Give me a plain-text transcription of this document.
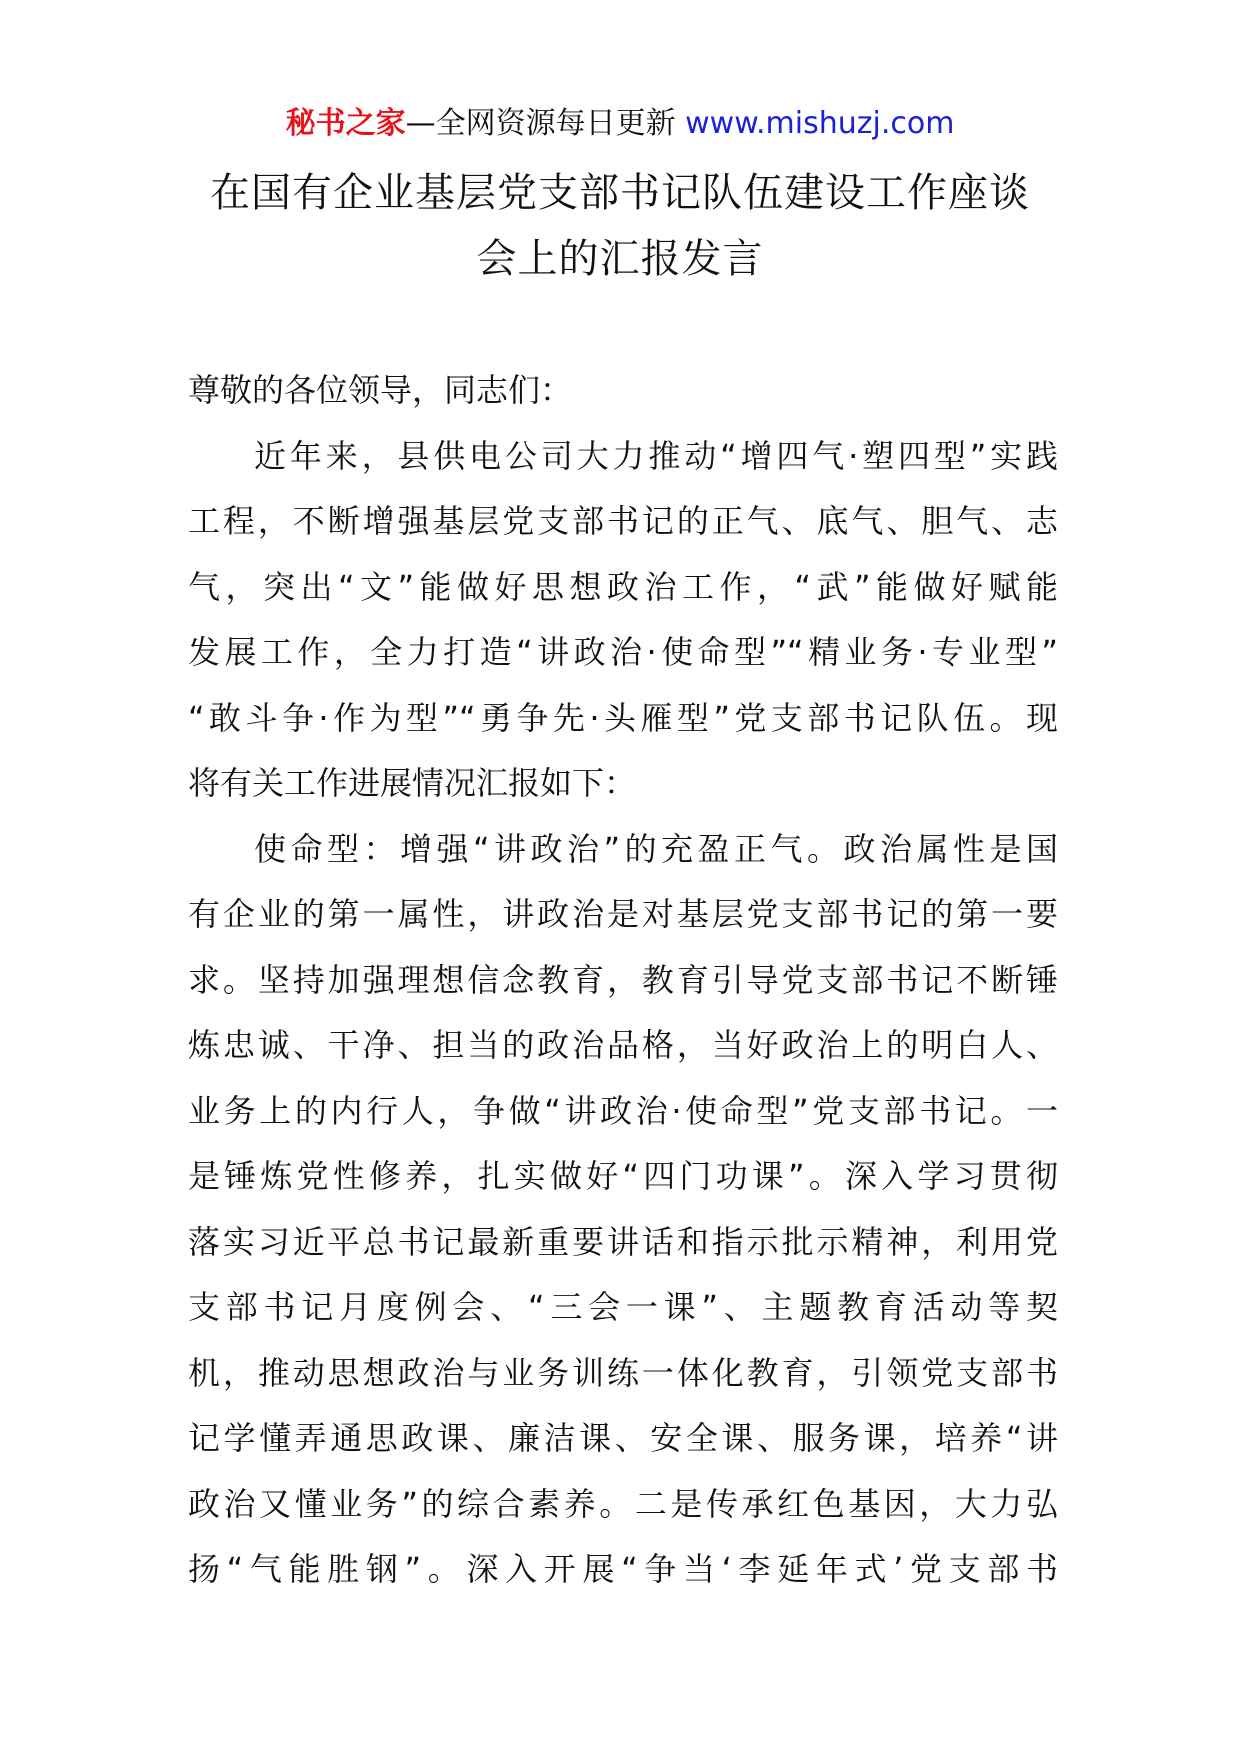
秘书之家—全网资源每日更新 www.mishuzj.com
在国有企业基层党支部书记队伍建设工作座谈
会上的汇报发言
尊敬的各位领导，同志们：
近年来，县供电公司大力推动“增四气·塑四型”实践
工程，不断增强基层党支部书记的正气、底气、胆气、志
气，突出“文”能做好思想政治工作，“武”能做好赋能
发展工作，全力打造“讲政治·使命型”“精业务·专业型”
“敢斗争·作为型”“勇争先·头雁型”党支部书记队伍。现
将有关工作进展情况汇报如下：
使命型：增强“讲政治”的充盈正气。政治属性是国
有企业的第一属性，讲政治是对基层党支部书记的第一要
求。坚持加强理想信念教育，教育引导党支部书记不断锤
炼忠诚、干净、担当的政治品格，当好政治上的明白人、
业务上的内行人，争做“讲政治·使命型”党支部书记。一
是锤炼党性修养，扎实做好“四门功课”。深入学习贯彻
落实习近平总书记最新重要讲话和指示批示精神，利用党
支部书记月度例会、“三会一课”、主题教育活动等契
机，推动思想政治与业务训练一体化教育，引领党支部书
记学懂弄通思政课、廉洁课、安全课、服务课，培养“讲
政治又懂业务”的综合素养。二是传承红色基因，大力弘
扬“气能胜钢”。深入开展“争当‘李延年式’党支部书
